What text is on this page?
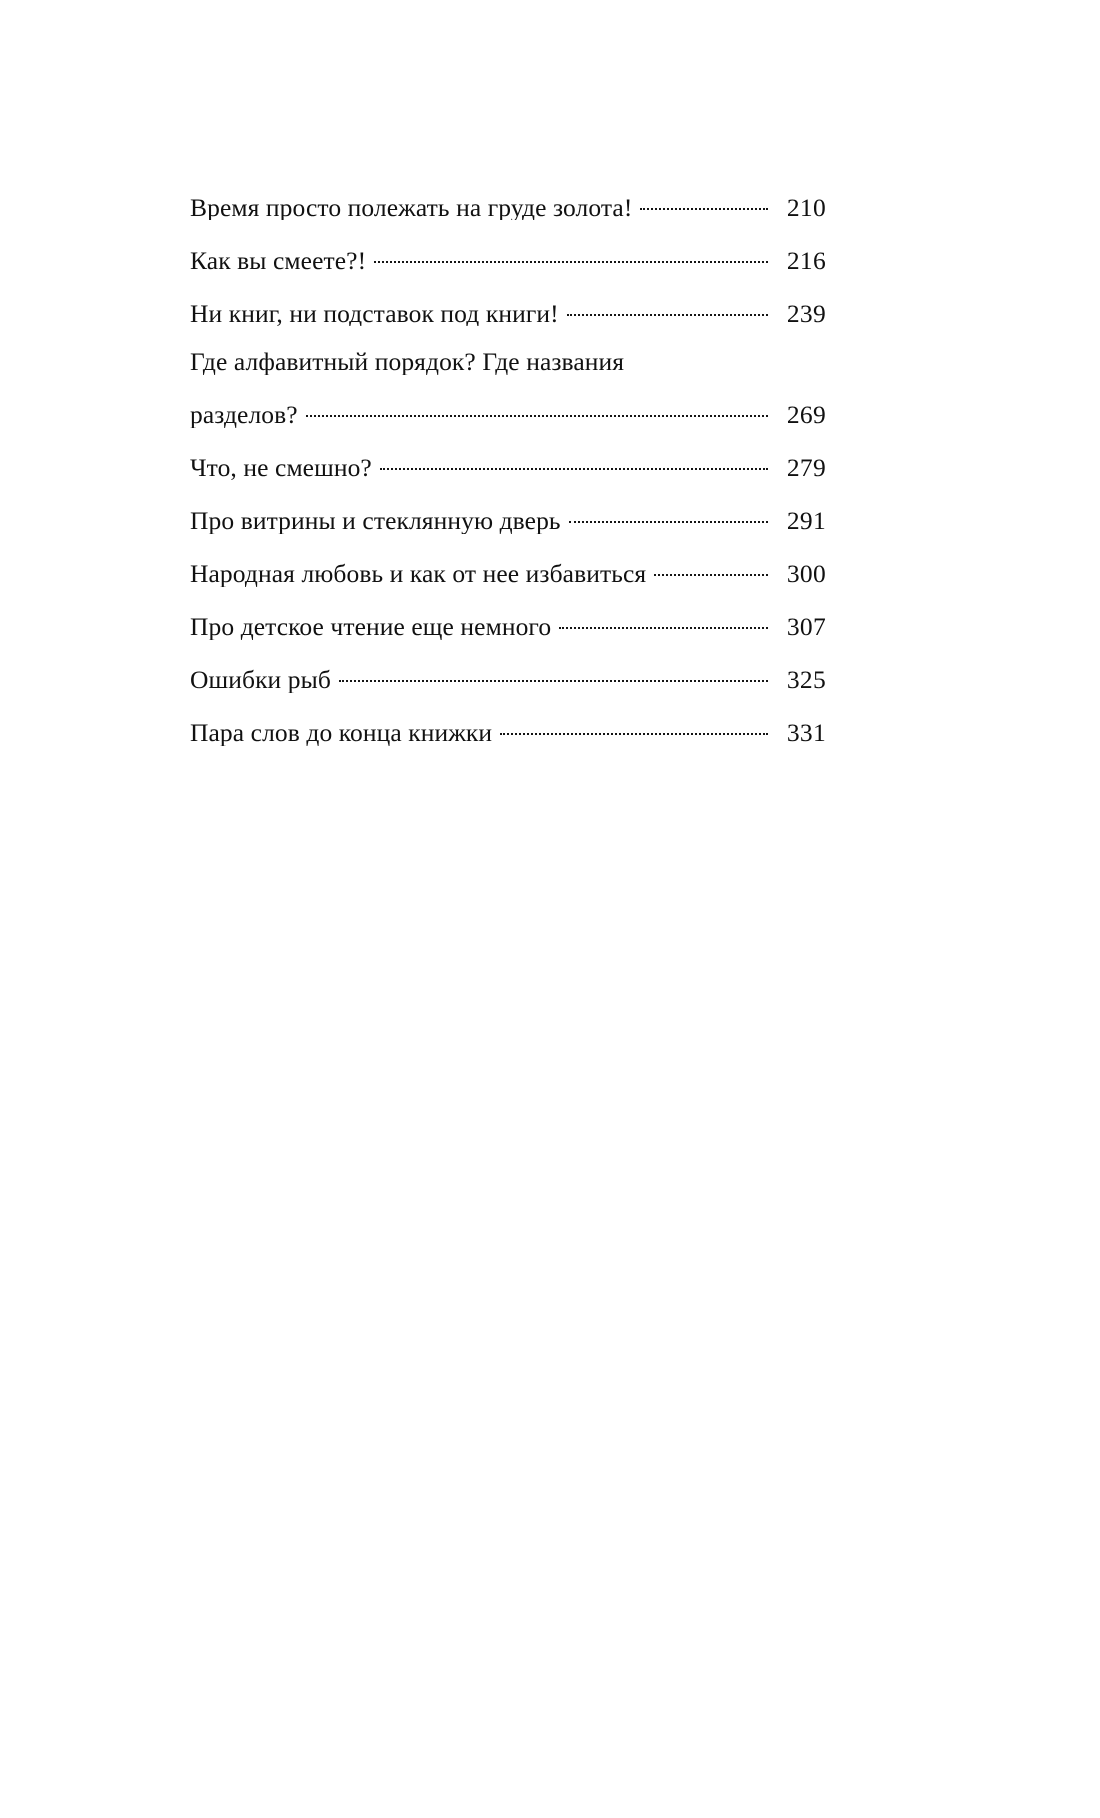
Время просто полежать на груде золота!	210
Как вы смеете?!	216
Ни книг, ни подставок под книги!	239
Где алфавитный порядок? Где названия
разделов?	269
Что, не смешно?	279
Про витрины и стеклянную дверь	291
Народная любовь и как от нее избавиться	300
Про детское чтение еще немного	307
Ошибки рыб	325
Пара слов до конца книжки	331
